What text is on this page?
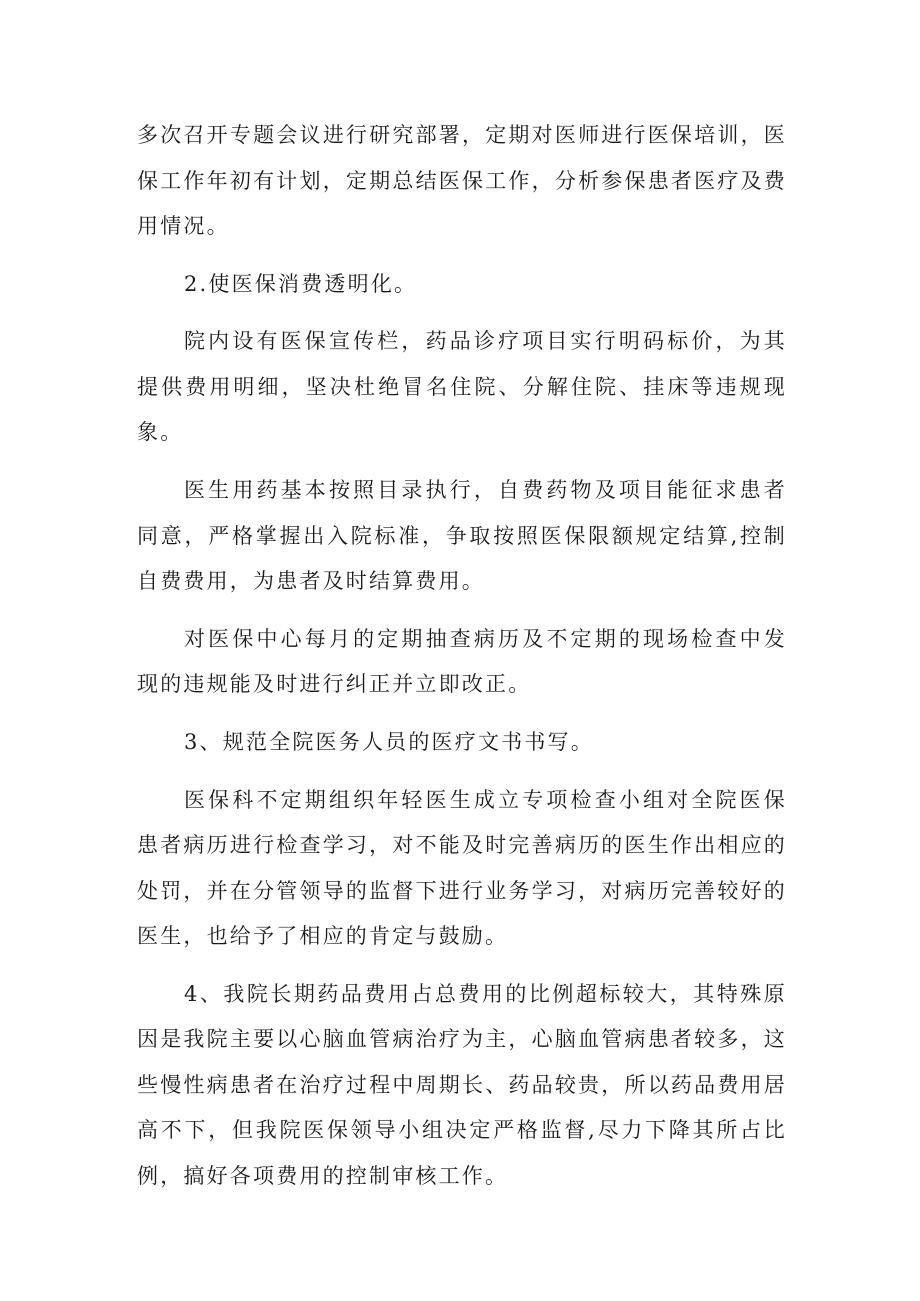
多次召开专题会议进行研究部署，定期对医师进行医保培训，医保工作年初有计划，定期总结医保工作，分析参保患者医疗及费用情况。

2.使医保消费透明化。

院内设有医保宣传栏，药品诊疗项目实行明码标价，为其提供费用明细，坚决杜绝冒名住院、分解住院、挂床等违规现象。

医生用药基本按照目录执行，自费药物及项目能征求患者同意，严格掌握出入院标准，争取按照医保限额规定结算,控制自费费用，为患者及时结算费用。

对医保中心每月的定期抽查病历及不定期的现场检查中发现的违规能及时进行纠正并立即改正。

3、规范全院医务人员的医疗文书书写。

医保科不定期组织年轻医生成立专项检查小组对全院医保患者病历进行检查学习，对不能及时完善病历的医生作出相应的处罚，并在分管领导的监督下进行业务学习，对病历完善较好的医生，也给予了相应的肯定与鼓励。

4、我院长期药品费用占总费用的比例超标较大，其特殊原因是我院主要以心脑血管病治疗为主，心脑血管病患者较多，这些慢性病患者在治疗过程中周期长、药品较贵，所以药品费用居高不下，但我院医保领导小组决定严格监督,尽力下降其所占比例，搞好各项费用的控制审核工作。
